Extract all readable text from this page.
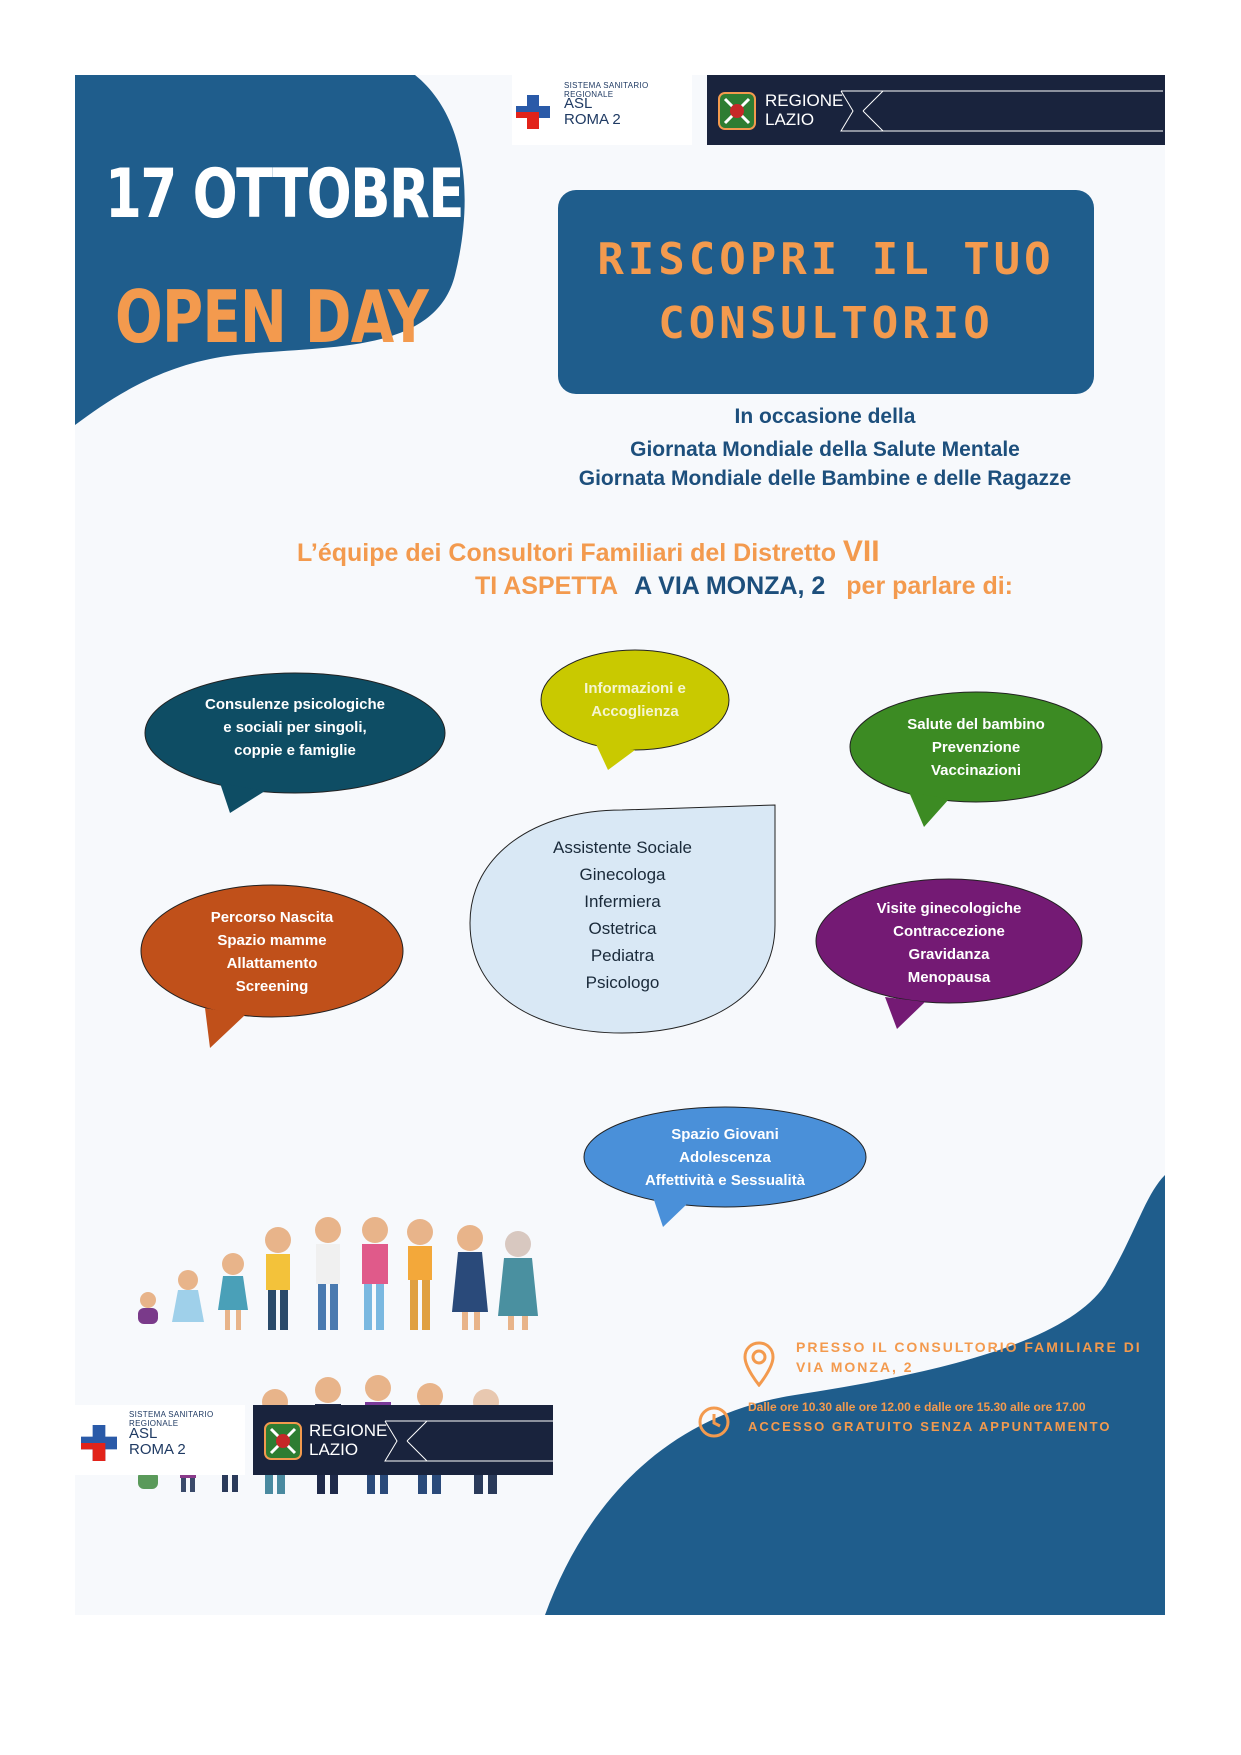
17 OTTOBRE
OPEN DAY
SISTEMA SANITARIO REGIONALE
ASL
ROMA 2
REGIONE
LAZIO
RISCOPRI IL TUO
CONSULTORIO
In occasione della
Giornata Mondiale della Salute Mentale
Giornata Mondiale delle Bambine e delle Ragazze
L’équipe dei Consultori Familiari del Distretto VII
TI ASPETTA A VIA MONZA, 2 per parlare di:
Consulenze psicologiche
e sociali per singoli,
coppie e famiglie
Informazioni e
Accoglienza
Salute del bambino
Prevenzione
Vaccinazioni
Assistente Sociale
Ginecologa
Infermiera
Ostetrica
Pediatra
Psicologo
Percorso Nascita
Spazio mamme
Allattamento
Screening
Visite ginecologiche
Contraccezione
Gravidanza
Menopausa
Spazio Giovani
Adolescenza
Affettività e Sessualità
PRESSO IL CONSULTORIO FAMILIARE DI
VIA MONZA, 2
Dalle ore 10.30 alle ore 12.00 e dalle ore 15.30 alle ore 17.00
ACCESSO GRATUITO SENZA APPUNTAMENTO
SISTEMA SANITARIO REGIONALE
ASL
ROMA 2
REGIONE
LAZIO
